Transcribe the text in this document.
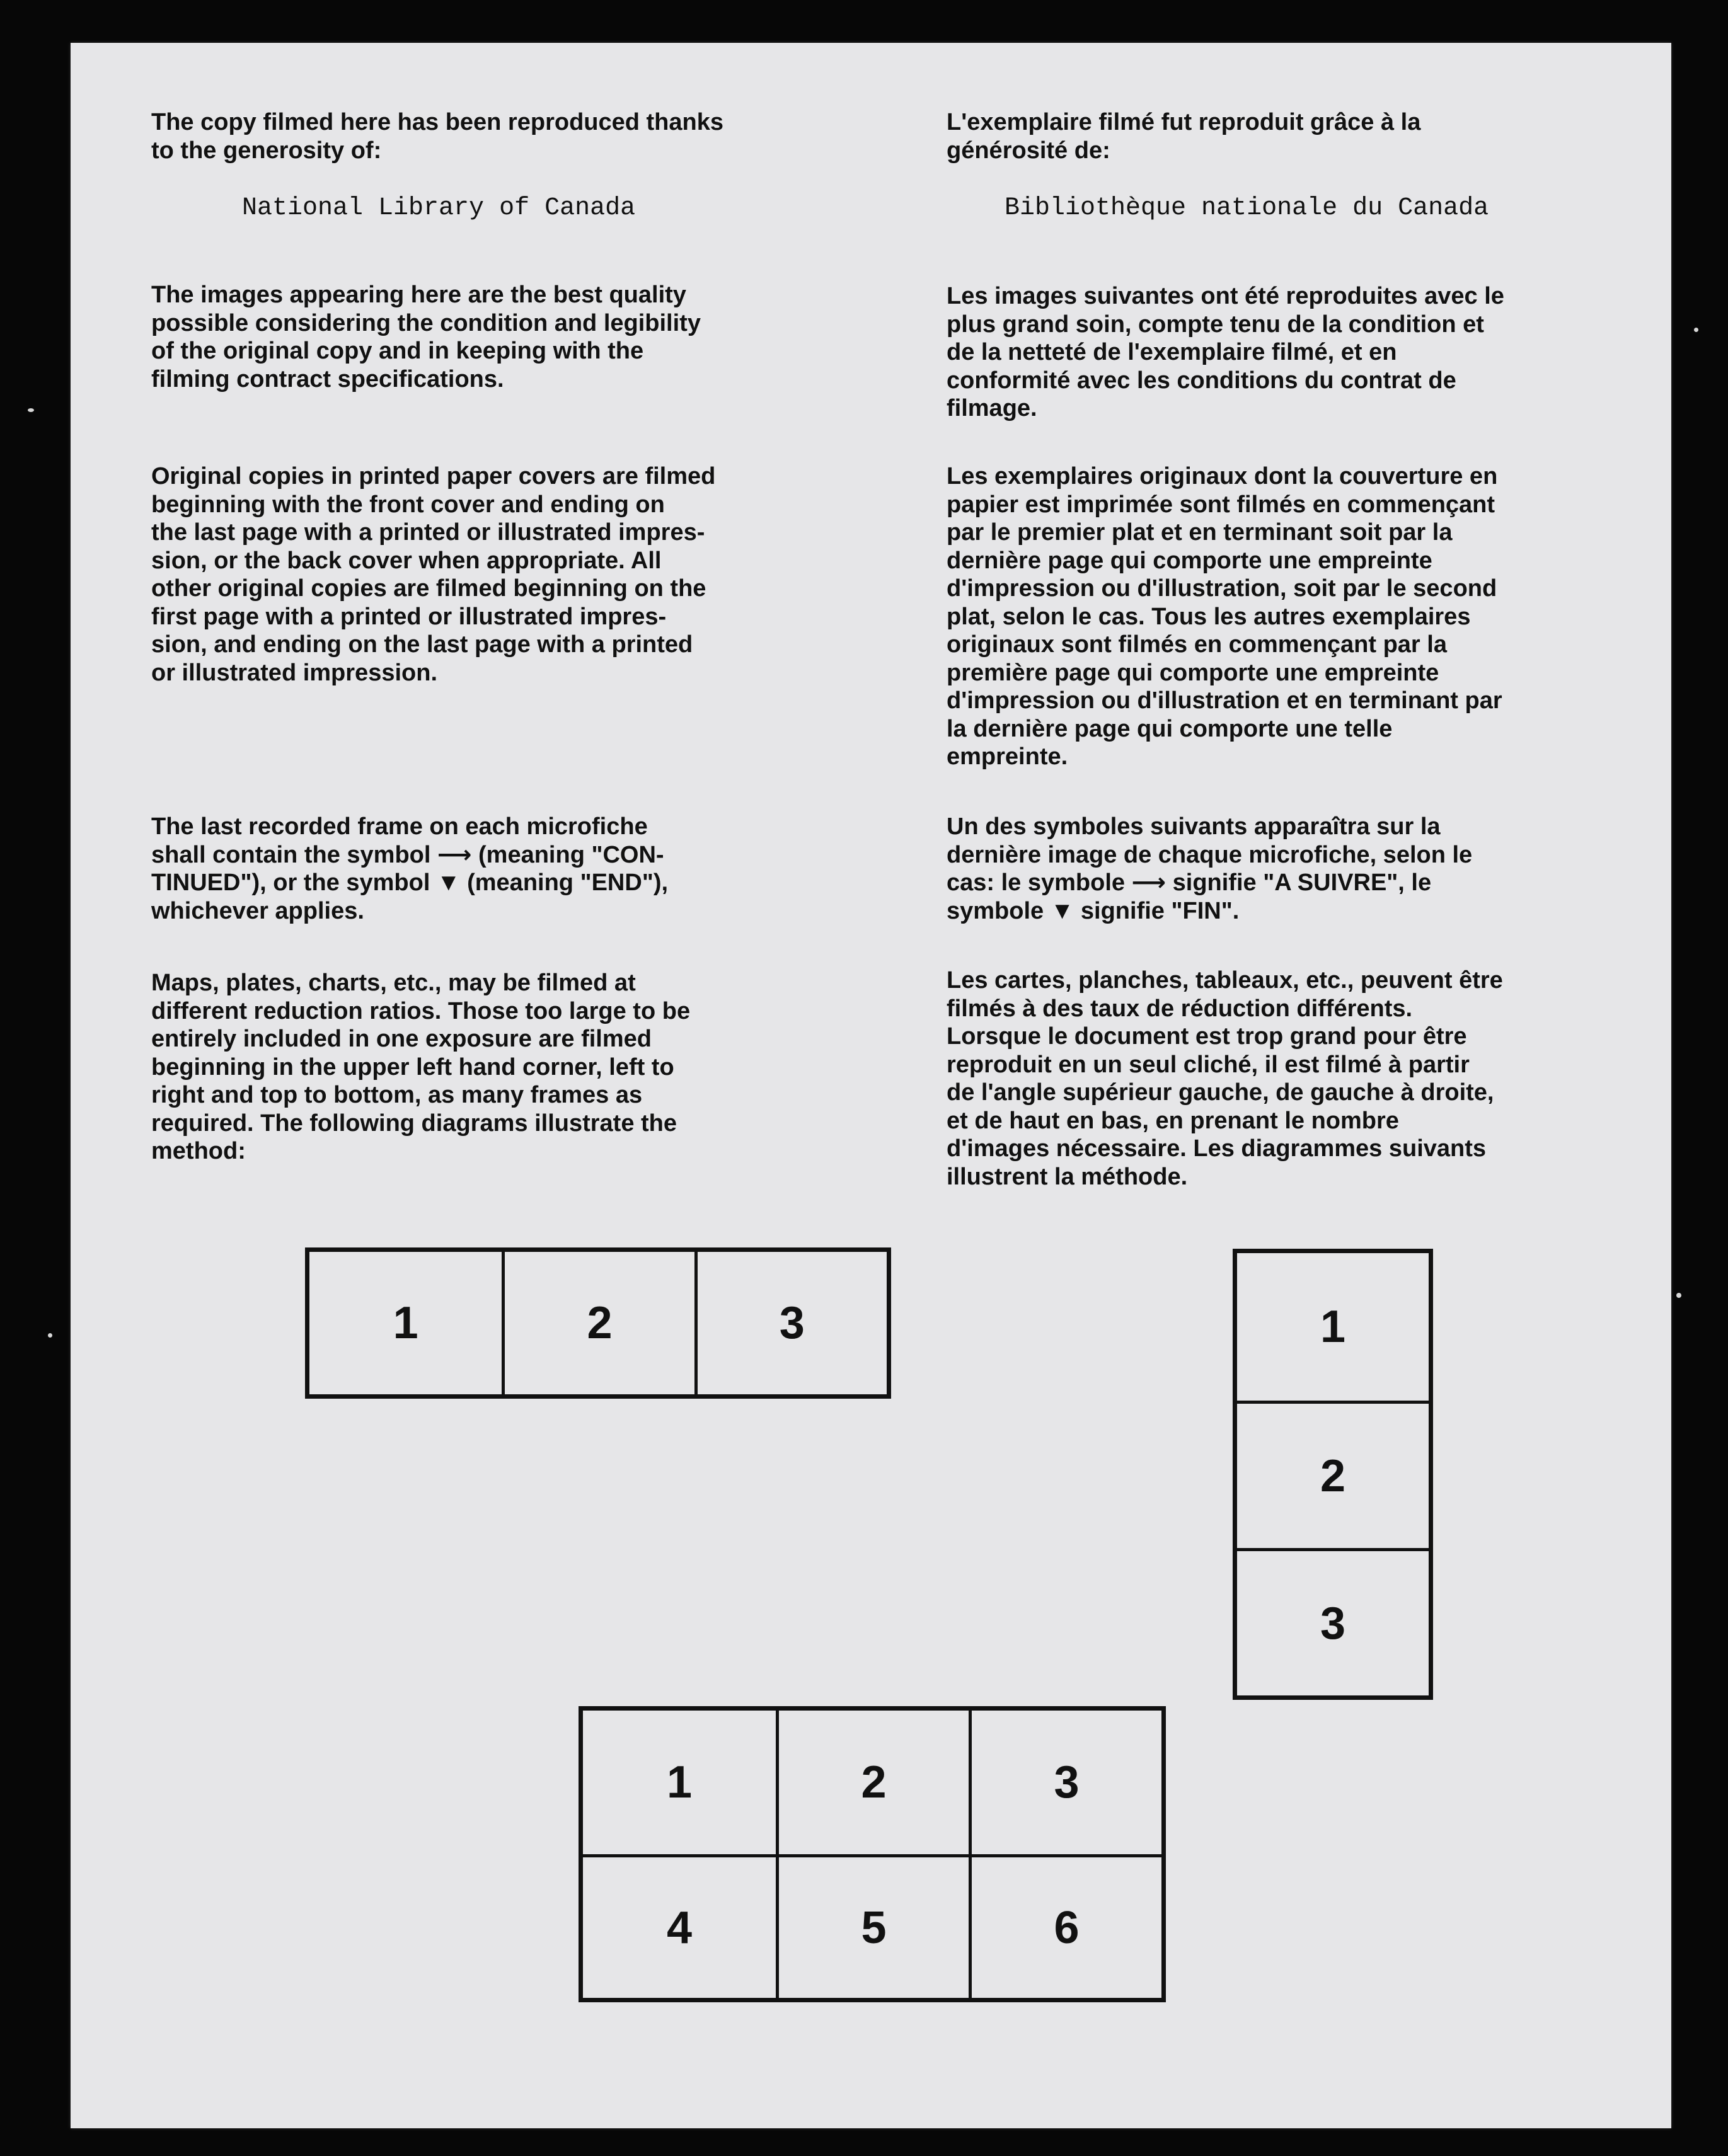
The copy filmed here has been reproduced thanks
to the generosity of:

National Library of Canada

The images appearing here are the best quality
possible considering the condition and legibility
of the original copy and in keeping with the
filming contract specifications.

Original copies in printed paper covers are filmed
beginning with the front cover and ending on
the last page with a printed or illustrated impres-
sion, or the back cover when appropriate. All
other original copies are filmed beginning on the
first page with a printed or illustrated impres-
sion, and ending on the last page with a printed
or illustrated impression.

The last recorded frame on each microfiche
shall contain the symbol ⟶ (meaning "CON-
TINUED"), or the symbol ▼ (meaning "END"),
whichever applies.

Maps, plates, charts, etc., may be filmed at
different reduction ratios. Those too large to be
entirely included in one exposure are filmed
beginning in the upper left hand corner, left to
right and top to bottom, as many frames as
required. The following diagrams illustrate the
method:

L'exemplaire filmé fut reproduit grâce à la
générosité de:

Bibliothèque nationale du Canada

Les images suivantes ont été reproduites avec le
plus grand soin, compte tenu de la condition et
de la netteté de l'exemplaire filmé, et en
conformité avec les conditions du contrat de
filmage.

Les exemplaires originaux dont la couverture en
papier est imprimée sont filmés en commençant
par le premier plat et en terminant soit par la
dernière page qui comporte une empreinte
d'impression ou d'illustration, soit par le second
plat, selon le cas. Tous les autres exemplaires
originaux sont filmés en commençant par la
première page qui comporte une empreinte
d'impression ou d'illustration et en terminant par
la dernière page qui comporte une telle
empreinte.

Un des symboles suivants apparaîtra sur la
dernière image de chaque microfiche, selon le
cas: le symbole ⟶ signifie "A SUIVRE", le
symbole ▼ signifie "FIN".

Les cartes, planches, tableaux, etc., peuvent être
filmés à des taux de réduction différents.
Lorsque le document est trop grand pour être
reproduit en un seul cliché, il est filmé à partir
de l'angle supérieur gauche, de gauche à droite,
et de haut en bas, en prenant le nombre
d'images nécessaire. Les diagrammes suivants
illustrent la méthode.

1	2	3	1
2
3
1	2	3
4	5	6
